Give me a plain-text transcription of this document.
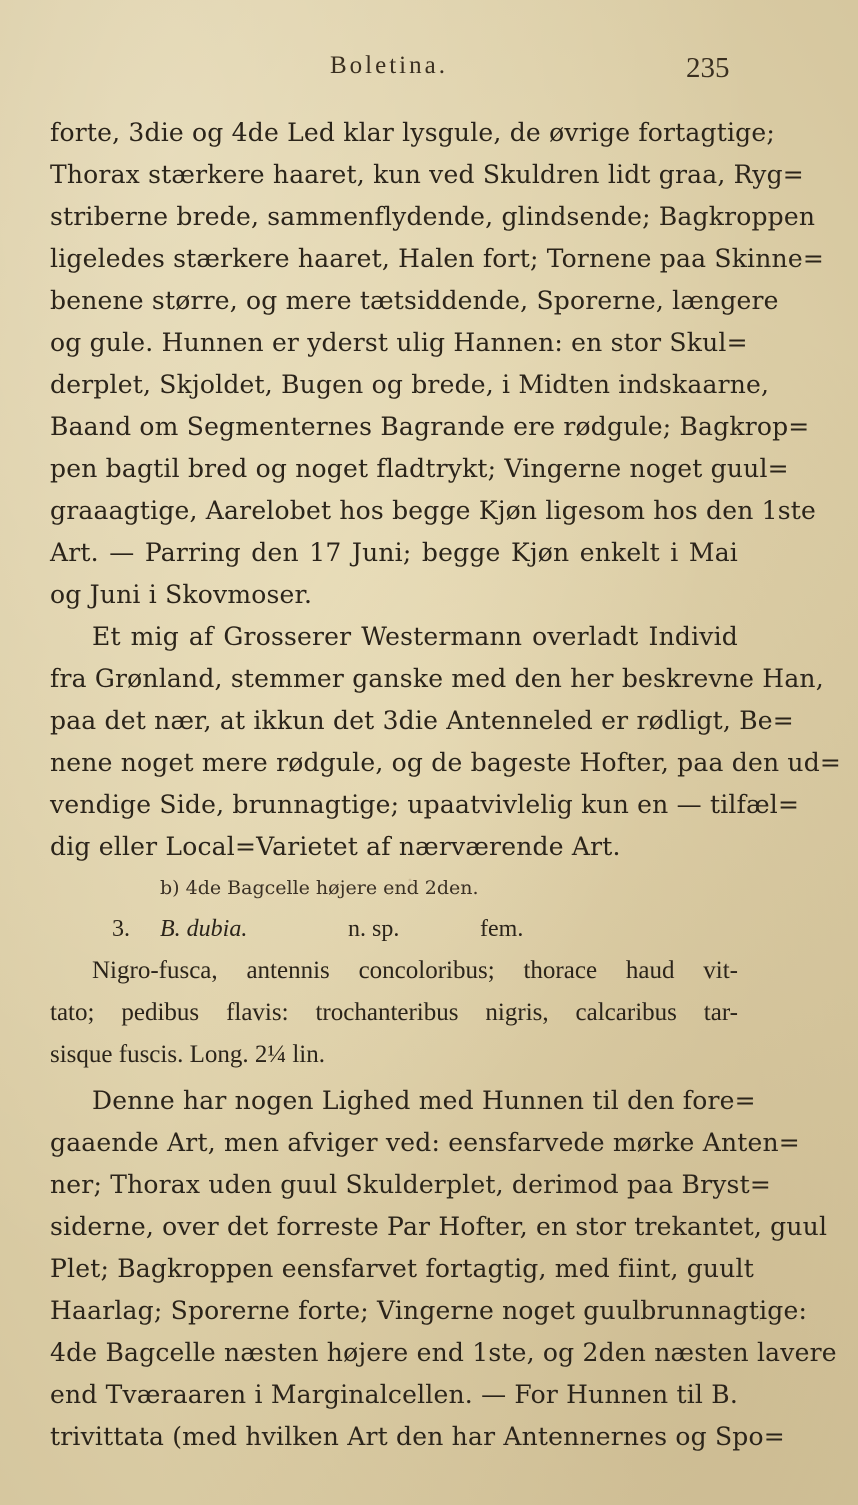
Boletina.	235
forte, 3die og 4de Led klar lysgule, de øvrige fortagtige;
Thorax stærkere haaret, kun ved Skuldren lidt graa, Ryg=
striberne brede, sammenflydende, glindsende; Bagkroppen
ligeledes stærkere haaret, Halen fort; Tornene paa Skinne=
benene større, og mere tætsiddende, Sporerne, længere
og gule. Hunnen er yderst ulig Hannen: en stor Skul=
derplet, Skjoldet, Bugen og brede, i Midten indskaarne,
Baand om Segmenternes Bagrande ere rødgule; Bagkrop=
pen bagtil bred og noget fladtrykt; Vingerne noget guul=
graaagtige, Aarelobet hos begge Kjøn ligesom hos den 1ste
Art. — Parring den 17 Juni; begge Kjøn enkelt i Mai
og Juni i Skovmoser.
Et mig af Grosserer Westermann overladt Individ
fra Grønland, stemmer ganske med den her beskrevne Han,
paa det nær, at ikkun det 3die Antenneled er rødligt, Be=
nene noget mere rødgule, og de bageste Hofter, paa den ud=
vendige Side, brunnagtige; upaatvivlelig kun en — tilfæl=
dig eller Local=Varietet af nærværende Art.
b) 4de Bagcelle højere end 2den.
3. B. dubia.	n. sp.	fem.
Nigro-fusca, antennis concoloribus; thorace haud vit-
tato; pedibus flavis: trochanteribus nigris, calcaribus tar-
sisque fuscis. Long. 2¼ lin.
Denne har nogen Lighed med Hunnen til den fore=
gaaende Art, men afviger ved: eensfarvede mørke Anten=
ner; Thorax uden guul Skulderplet, derimod paa Bryst=
siderne, over det forreste Par Hofter, en stor trekantet, guul
Plet; Bagkroppen eensfarvet fortagtig, med fiint, guult
Haarlag; Sporerne forte; Vingerne noget guulbrunnagtige:
4de Bagcelle næsten højere end 1ste, og 2den næsten lavere
end Tværaaren i Marginalcellen. — For Hunnen til B.
trivittata (med hvilken Art den har Antennernes og Spo=
